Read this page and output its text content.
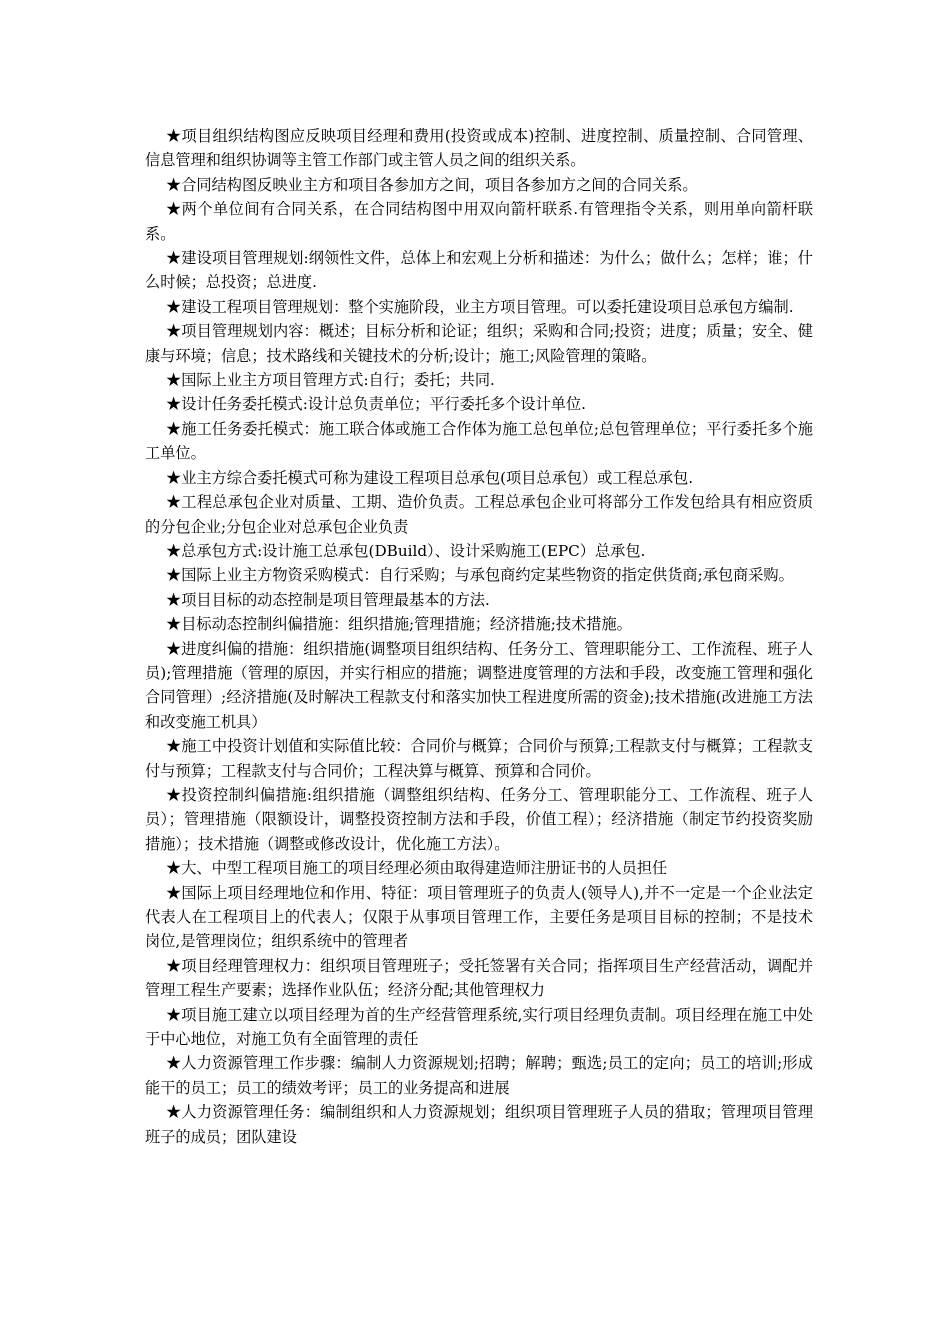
★项目组织结构图应反映项目经理和费用(投资或成本)控制、进度控制、质量控制、合同管理、信息管理和组织协调等主管工作部门或主管人员之间的组织关系。

★合同结构图反映业主方和项目各参加方之间，项目各参加方之间的合同关系。

★两个单位间有合同关系，在合同结构图中用双向箭杆联系.有管理指令关系，则用单向箭杆联系。

★建设项目管理规划:纲领性文件，总体上和宏观上分析和描述：为什么；做什么；怎样；谁；什么时候；总投资；总进度.

★建设工程项目管理规划：整个实施阶段，业主方项目管理。可以委托建设项目总承包方编制.

★项目管理规划内容：概述；目标分析和论证；组织；采购和合同;投资；进度；质量；安全、健康与环境；信息；技术路线和关键技术的分析;设计；施工;风险管理的策略。

★国际上业主方项目管理方式:自行；委托；共同.

★设计任务委托模式:设计总负责单位；平行委托多个设计单位.

★施工任务委托模式：施工联合体或施工合作体为施工总包单位;总包管理单位；平行委托多个施工单位。

★业主方综合委托模式可称为建设工程项目总承包(项目总承包）或工程总承包.

★工程总承包企业对质量、工期、造价负责。工程总承包企业可将部分工作发包给具有相应资质的分包企业;分包企业对总承包企业负责

★总承包方式:设计施工总承包(DBuild）、设计采购施工(EPC）总承包.

★国际上业主方物资采购模式：自行采购；与承包商约定某些物资的指定供货商;承包商采购。

★项目目标的动态控制是项目管理最基本的方法.

★目标动态控制纠偏措施：组织措施;管理措施；经济措施;技术措施。

★进度纠偏的措施：组织措施(调整项目组织结构、任务分工、管理职能分工、工作流程、班子人员);管理措施（管理的原因，并实行相应的措施；调整进度管理的方法和手段，改变施工管理和强化合同管理）;经济措施(及时解决工程款支付和落实加快工程进度所需的资金);技术措施(改进施工方法和改变施工机具）

★施工中投资计划值和实际值比较：合同价与概算；合同价与预算;工程款支付与概算；工程款支付与预算；工程款支付与合同价；工程决算与概算、预算和合同价。

★投资控制纠偏措施:组织措施（调整组织结构、任务分工、管理职能分工、工作流程、班子人员）；管理措施（限额设计，调整投资控制方法和手段，价值工程）；经济措施（制定节约投资奖励措施）；技术措施（调整或修改设计，优化施工方法）。

★大、中型工程项目施工的项目经理必须由取得建造师注册证书的人员担任

★国际上项目经理地位和作用、特征：项目管理班子的负责人(领导人),并不一定是一个企业法定代表人在工程项目上的代表人；仅限于从事项目管理工作，主要任务是项目目标的控制；不是技术岗位,是管理岗位；组织系统中的管理者

★项目经理管理权力：组织项目管理班子；受托签署有关合同；指挥项目生产经营活动，调配并管理工程生产要素；选择作业队伍；经济分配;其他管理权力

★项目施工建立以项目经理为首的生产经营管理系统,实行项目经理负责制。项目经理在施工中处于中心地位，对施工负有全面管理的责任

★人力资源管理工作步骤：编制人力资源规划;招聘；解聘；甄选;员工的定向；员工的培训;形成能干的员工；员工的绩效考评；员工的业务提高和进展

★人力资源管理任务：编制组织和人力资源规划；组织项目管理班子人员的猎取；管理项目管理班子的成员；团队建设
